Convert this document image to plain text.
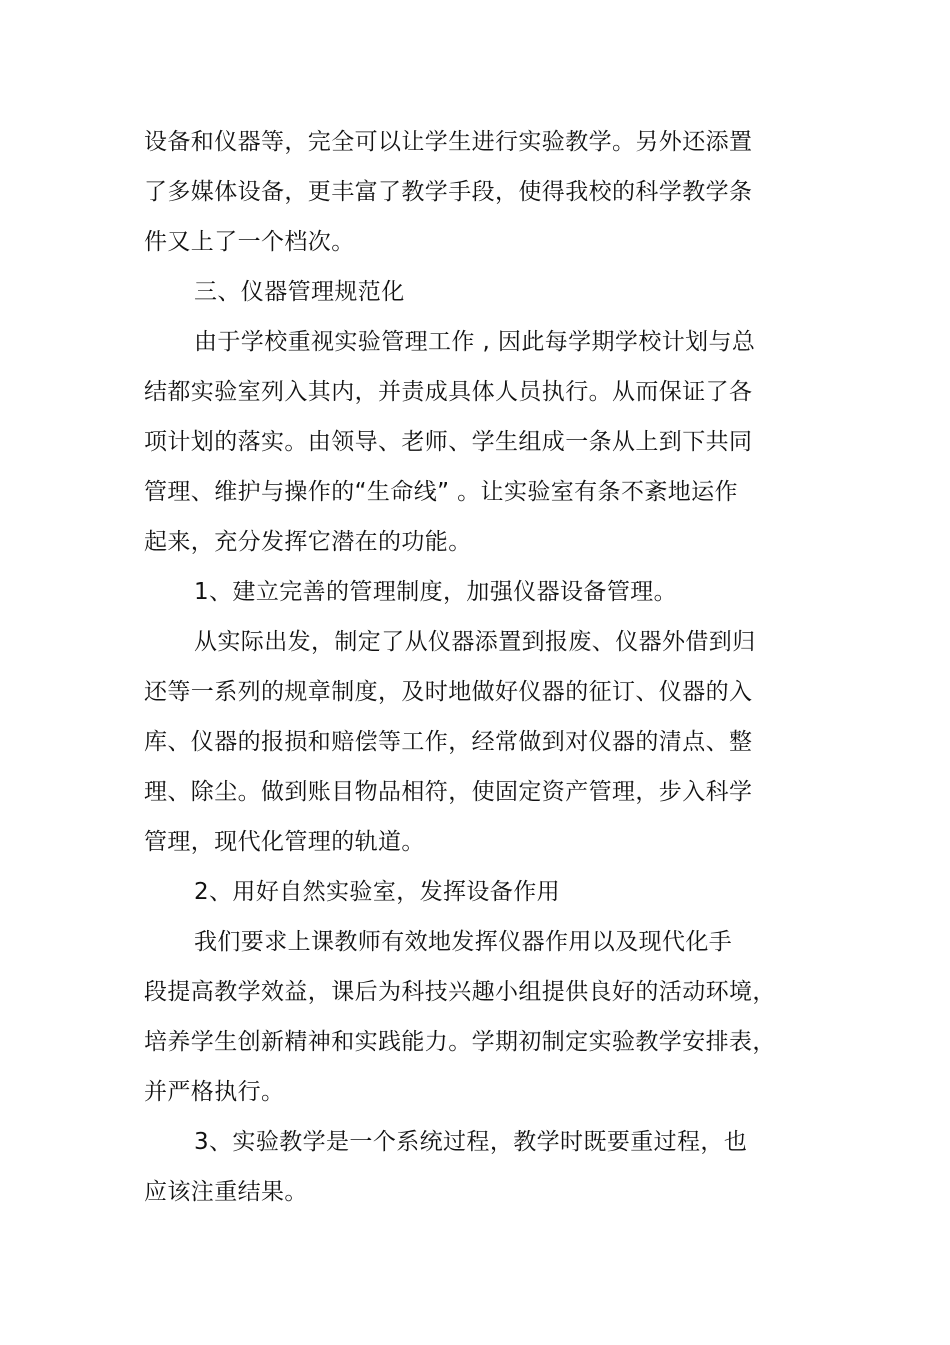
设备和仪器等，完全可以让学生进行实验教学。另外还添置
了多媒体设备，更丰富了教学手段，使得我校的科学教学条
件又上了一个档次。
三、仪器管理规范化
由于学校重视实验管理工作 , 因此每学期学校计划与总
结都实验室列入其内，并责成具体人员执行。从而保证了各
项计划的落实。由领导、老师、学生组成一条从上到下共同
管理、维护与操作的“生命线” 。让实验室有条不紊地运作
起来，充分发挥它潜在的功能。
1、建立完善的管理制度，加强仪器设备管理。
从实际出发，制定了从仪器添置到报废、仪器外借到归
还等一系列的规章制度，及时地做好仪器的征订、仪器的入
库、仪器的报损和赔偿等工作，经常做到对仪器的清点、整
理、除尘。做到账目物品相符，使固定资产管理，步入科学
管理，现代化管理的轨道。
2、用好自然实验室，发挥设备作用
我们要求上课教师有效地发挥仪器作用以及现代化手
段提高教学效益，课后为科技兴趣小组提供良好的活动环境，
培养学生创新精神和实践能力。学期初制定实验教学安排表，
并严格执行。
3、实验教学是一个系统过程，教学时既要重过程，也
应该注重结果。
